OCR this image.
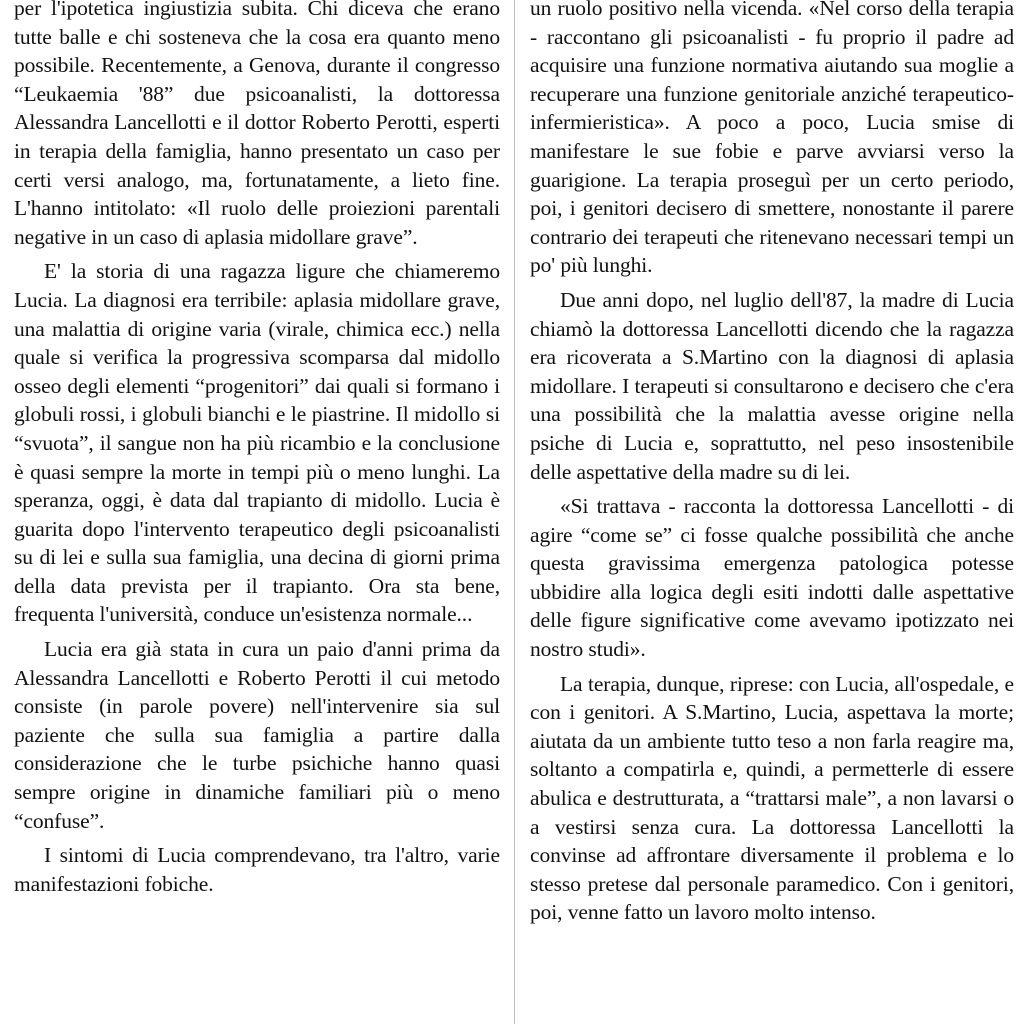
per l'ipotetica ingiustizia subita. Chi diceva che erano tutte balle e chi sosteneva che la cosa era quanto meno possibile. Recentemente, a Genova, durante il congresso “Leukaemia '88” due psicoanalisti, la dottoressa Alessandra Lancellotti e il dottor Roberto Perotti, esperti in terapia della famiglia, hanno presentato un caso per certi versi analogo, ma, fortunatamente, a lieto fine. L'hanno intitolato: «Il ruolo delle proiezioni parentali negative in un caso di aplasia midollare grave”.

E' la storia di una ragazza ligure che chiameremo Lucia. La diagnosi era terribile: aplasia midollare grave, una malattia di origine varia (virale, chimica ecc.) nella quale si verifica la progressiva scomparsa dal midollo osseo degli elementi “progenitori” dai quali si formano i globuli rossi, i globuli bianchi e le piastrine. Il midollo si “svuota”, il sangue non ha più ricambio e la conclusione è quasi sempre la morte in tempi più o meno lunghi. La speranza, oggi, è data dal trapianto di midollo. Lucia è guarita dopo l'intervento terapeutico degli psicoanalisti su di lei e sulla sua famiglia, una decina di giorni prima della data prevista per il trapianto. Ora sta bene, frequenta l'università, conduce un'esistenza normale...

Lucia era già stata in cura un paio d'anni prima da Alessandra Lancellotti e Roberto Perotti il cui metodo consiste (in parole povere) nell'intervenire sia sul paziente che sulla sua famiglia a partire dalla considerazione che le turbe psichiche hanno quasi sempre origine in dinamiche familiari più o meno “confuse”.

I sintomi di Lucia comprendevano, tra l'altro, varie manifestazioni fobiche.

un ruolo positivo nella vicenda. «Nel corso della terapia - raccontano gli psicoanalisti - fu proprio il padre ad acquisire una funzione normativa aiutando sua moglie a recuperare una funzione genitoriale anziché terapeutico-infermieristica». A poco a poco, Lucia smise di manifestare le sue fobie e parve avviarsi verso la guarigione. La terapia proseguì per un certo periodo, poi, i genitori decisero di smettere, nonostante il parere contrario dei terapeuti che ritenevano necessari tempi un po' più lunghi.

Due anni dopo, nel luglio dell'87, la madre di Lucia chiamò la dottoressa Lancellotti dicendo che la ragazza era ricoverata a S.Martino con la diagnosi di aplasia midollare. I terapeuti si consultarono e decisero che c'era una possibilità che la malattia avesse origine nella psiche di Lucia e, soprattutto, nel peso insostenibile delle aspettative della madre su di lei.

«Si trattava - racconta la dottoressa Lancellotti - di agire “come se” ci fosse qualche possibilità che anche questa gravissima emergenza patologica potesse ubbidire alla logica degli esiti indotti dalle aspettative delle figure significative come avevamo ipotizzato nei nostro studi».

La terapia, dunque, riprese: con Lucia, all'ospedale, e con i genitori. A S.Martino, Lucia, aspettava la morte; aiutata da un ambiente tutto teso a non farla reagire ma, soltanto a compatirla e, quindi, a permetterle di essere abulica e destrutturata, a “trattarsi male”, a non lavarsi o a vestirsi senza cura. La dottoressa Lancellotti la convinse ad affrontare diversamente il problema e lo stesso pretese dal personale paramedico. Con i genitori, poi, venne fatto un lavoro molto intenso.
